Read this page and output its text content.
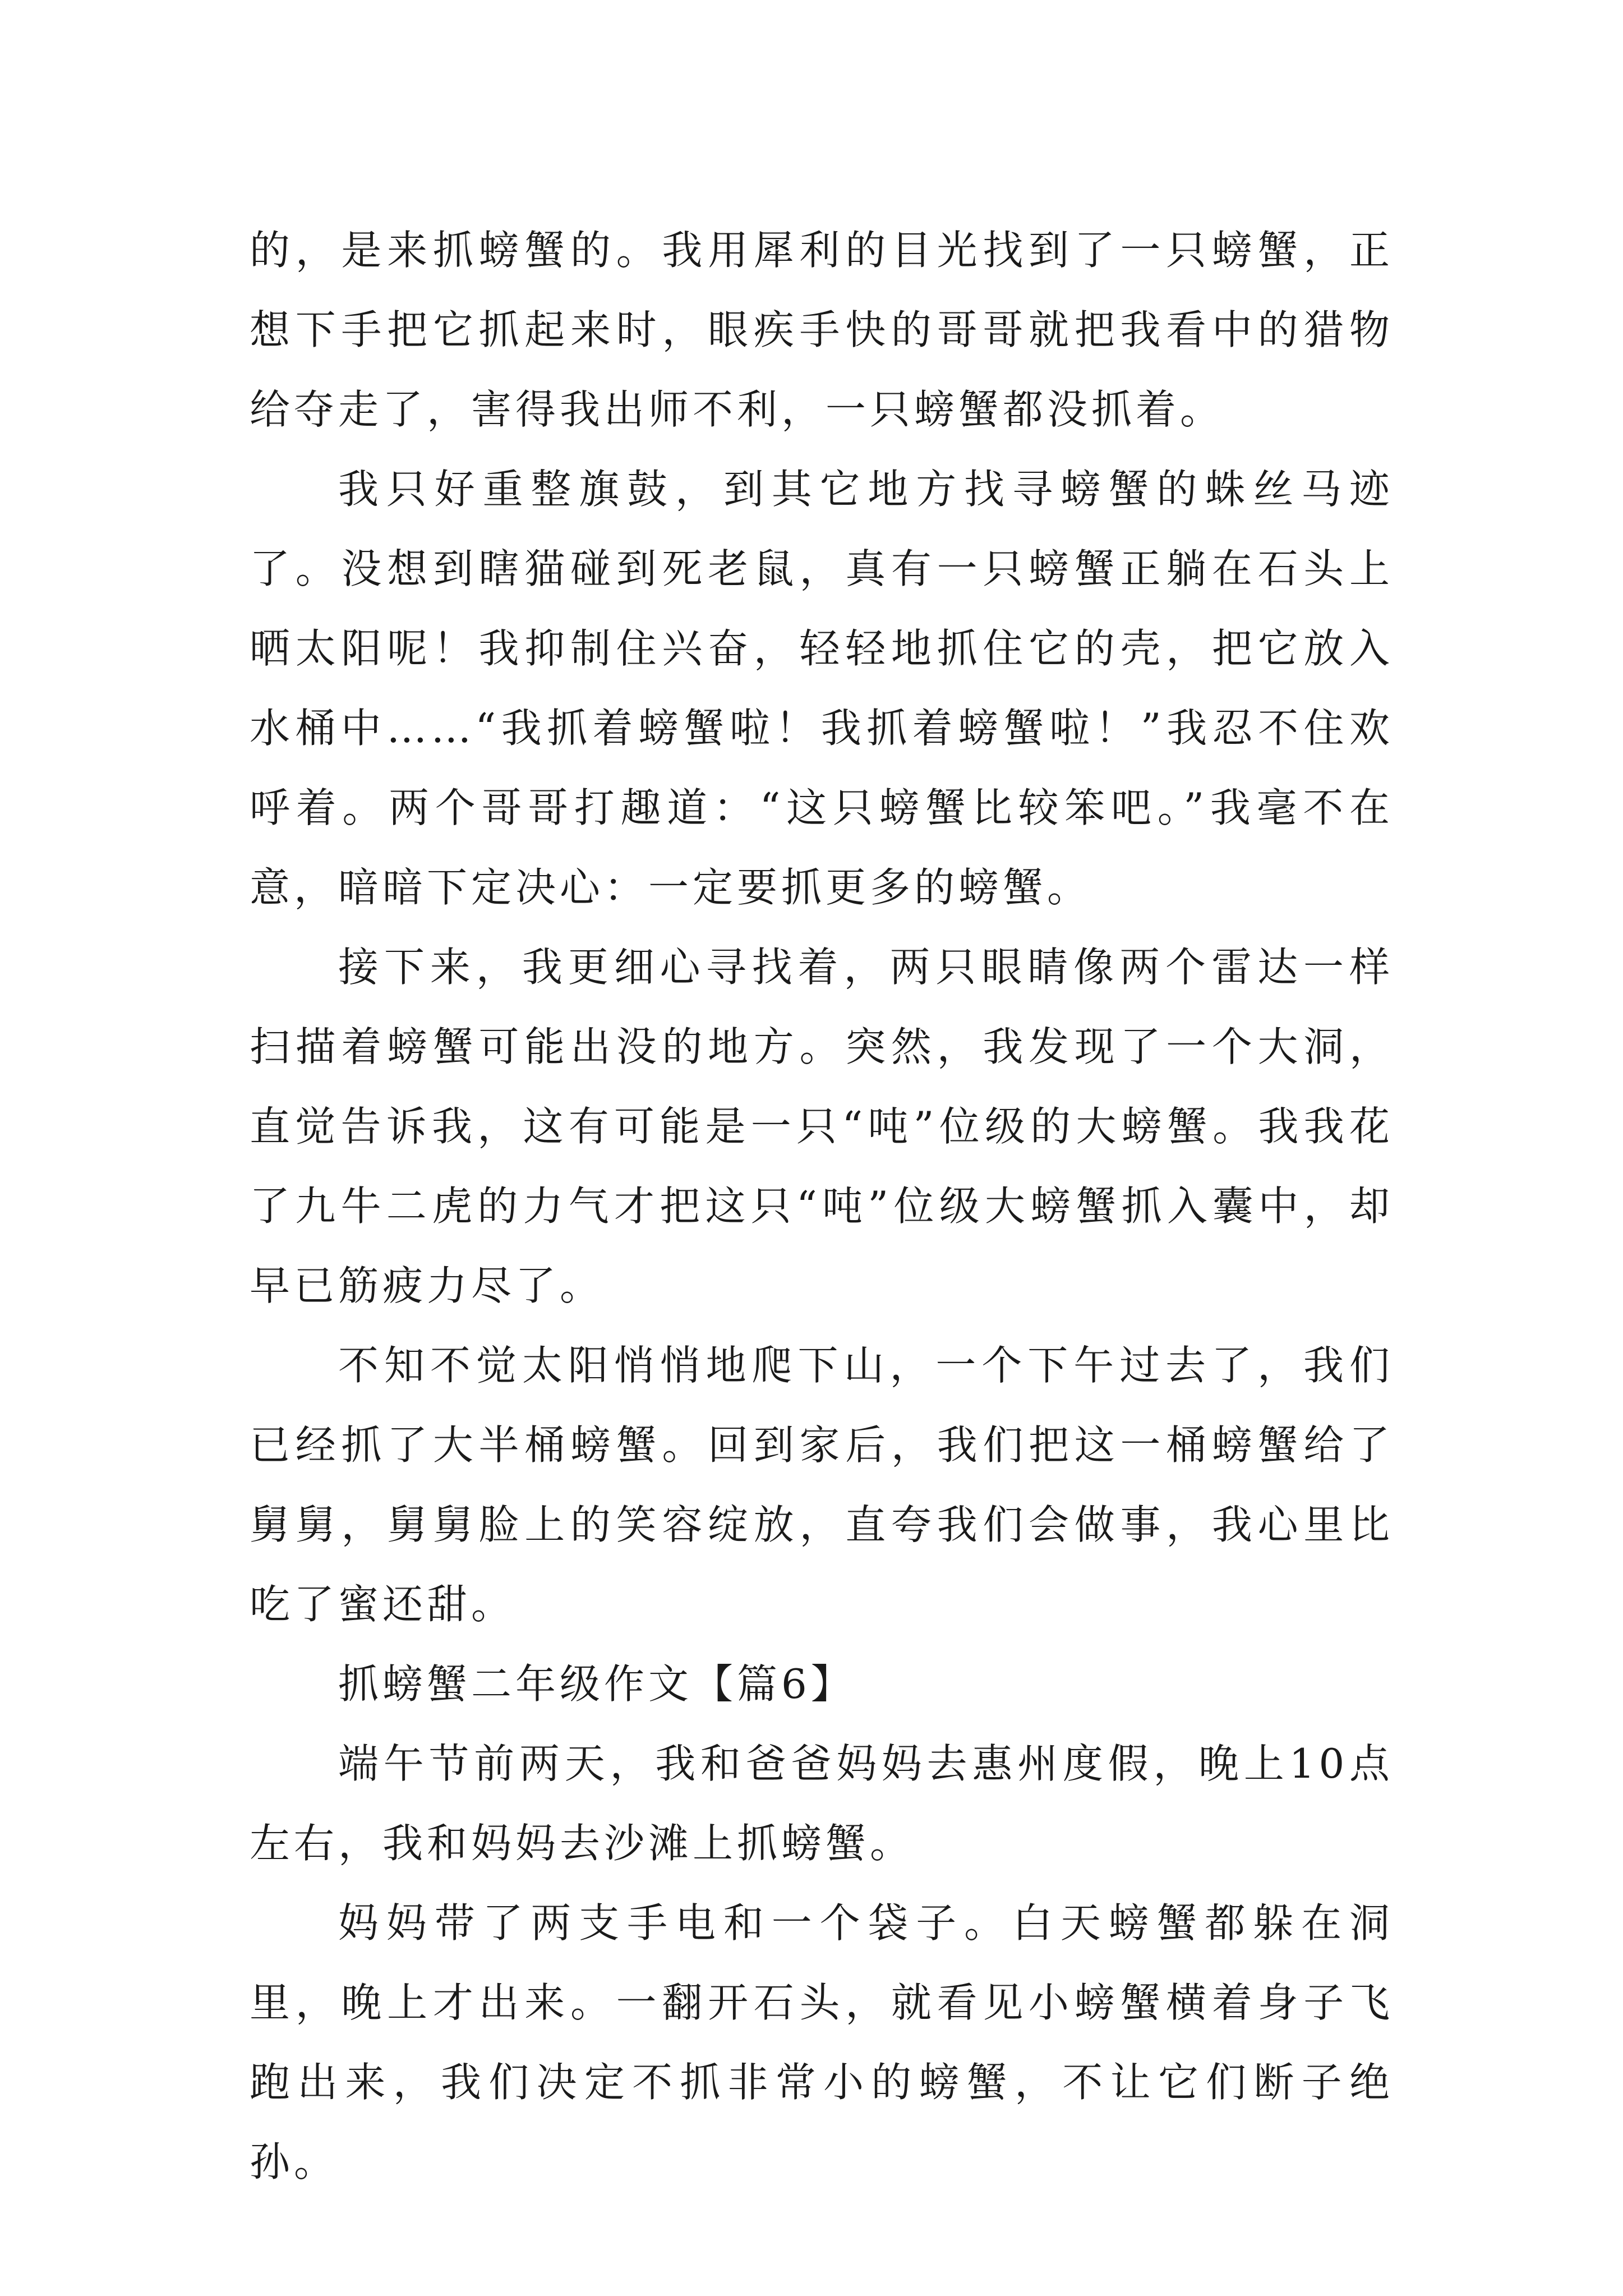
的，是来抓螃蟹的。我用犀利的目光找到了一只螃蟹，正想下手把它抓起来时，眼疾手快的哥哥就把我看中的猎物给夺走了，害得我出师不利，一只螃蟹都没抓着。

我只好重整旗鼓，到其它地方找寻螃蟹的蛛丝马迹了。没想到瞎猫碰到死老鼠，真有一只螃蟹正躺在石头上晒太阳呢！我抑制住兴奋，轻轻地抓住它的壳，把它放入水桶中……“我抓着螃蟹啦！我抓着螃蟹啦！”我忍不住欢呼着。两个哥哥打趣道：“这只螃蟹比较笨吧。”我毫不在意，暗暗下定决心：一定要抓更多的螃蟹。

接下来，我更细心寻找着，两只眼睛像两个雷达一样扫描着螃蟹可能出没的地方。突然，我发现了一个大洞，直觉告诉我，这有可能是一只“吨”位级的大螃蟹。我我花了九牛二虎的力气才把这只“吨”位级大螃蟹抓入囊中，却早已筋疲力尽了。

不知不觉太阳悄悄地爬下山，一个下午过去了，我们已经抓了大半桶螃蟹。回到家后，我们把这一桶螃蟹给了舅舅，舅舅脸上的笑容绽放，直夸我们会做事，我心里比吃了蜜还甜。

抓螃蟹二年级作文【篇6】

端午节前两天，我和爸爸妈妈去惠州度假，晚上10点左右，我和妈妈去沙滩上抓螃蟹。

妈妈带了两支手电和一个袋子。白天螃蟹都躲在洞里，晚上才出来。一翻开石头，就看见小螃蟹横着身子飞跑出来，我们决定不抓非常小的螃蟹，不让它们断子绝孙。
